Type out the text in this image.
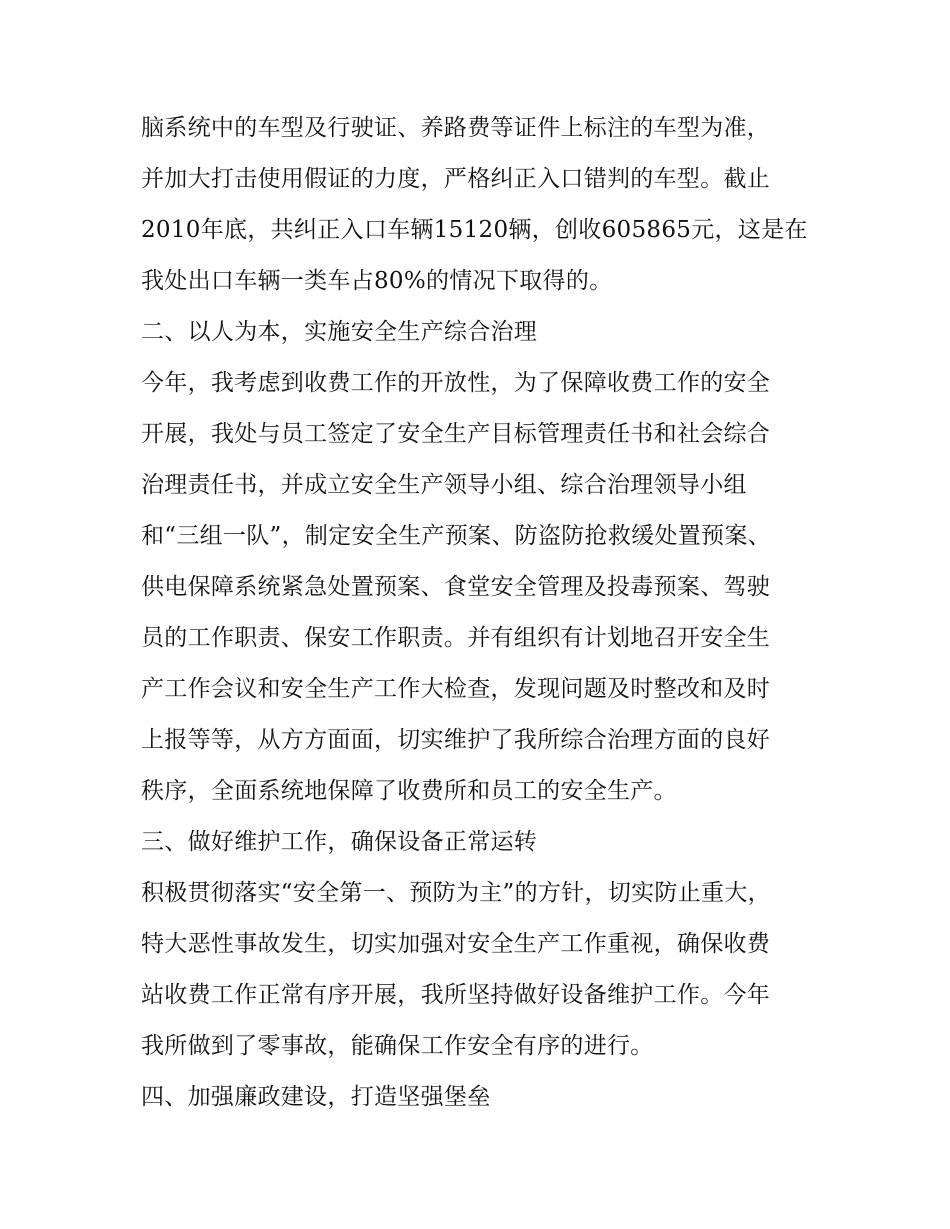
脑系统中的车型及行驶证、养路费等证件上标注的车型为准，
并加大打击使用假证的力度，严格纠正入口错判的车型。截止
2010年底，共纠正入口车辆15120辆，创收605865元，这是在
我处出口车辆一类车占80%的情况下取得的。
二、以人为本，实施安全生产综合治理
今年，我考虑到收费工作的开放性，为了保障收费工作的安全
开展，我处与员工签定了安全生产目标管理责任书和社会综合
治理责任书，并成立安全生产领导小组、综合治理领导小组
和“三组一队”，制定安全生产预案、防盗防抢救缓处置预案、
供电保障系统紧急处置预案、食堂安全管理及投毒预案、驾驶
员的工作职责、保安工作职责。并有组织有计划地召开安全生
产工作会议和安全生产工作大检查，发现问题及时整改和及时
上报等等，从方方面面，切实维护了我所综合治理方面的良好
秩序，全面系统地保障了收费所和员工的安全生产。
三、做好维护工作，确保设备正常运转
积极贯彻落实“安全第一、预防为主”的方针，切实防止重大，
特大恶性事故发生，切实加强对安全生产工作重视，确保收费
站收费工作正常有序开展，我所坚持做好设备维护工作。今年
我所做到了零事故，能确保工作安全有序的进行。
四、加强廉政建设，打造坚强堡垒
